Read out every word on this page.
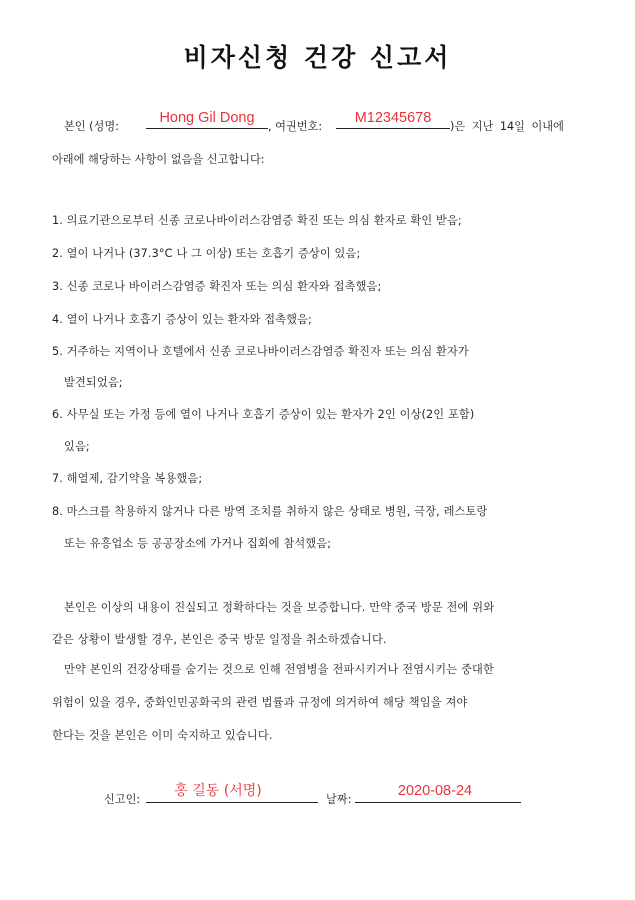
비자신청 건강 신고서
본인 (성명:
Hong Gil Dong
, 여권번호:
M12345678
)은 지난 14일 이내에
아래에 해당하는 사항이 없음을 신고합니다:
1. 의료기관으로부터 신종 코로나바이러스감염증 확진 또는 의심 환자로 확인 받음;
2. 열이 나거나 (37.3°C 나 그 이상) 또는 호흡기 증상이 있음;
3. 신종 코로나 바이러스감염증 확진자 또는 의심 환자와 접촉했음;
4. 열이 나거나 호흡기 증상이 있는 환자와 접촉했음;
5. 거주하는 지역이나 호텔에서 신종 코로나바이러스감염증 확진자 또는 의심 환자가
발견되었음;
6. 사무실 또는 가정 등에 열이 나거나 호흡기 증상이 있는 환자가 2인 이상(2인 포함)
있음;
7. 해열제, 감기약을 복용했음;
8. 마스크를 착용하지 않거나 다른 방역 조치를 취하지 않은 상태로 병원, 극장, 레스토랑
또는 유흥업소 등 공공장소에 가거나 집회에 참석했음;
본인은 이상의 내용이 진실되고 정확하다는 것을 보증합니다. 만약 중국 방문 전에 위와
같은 상황이 발생할 경우, 본인은 중국 방문 일정을 취소하겠습니다.
만약 본인의 건강상태를 숨기는 것으로 인해 전염병을 전파시키거나 전염시키는 중대한
위험이 있을 경우, 중화인민공화국의 관련 법률과 규정에 의거하여 해당 책임을 져야
한다는 것을 본인은 이미 숙지하고 있습니다.
신고인:
홍 길동 (서명)
날짜:
2020-08-24
